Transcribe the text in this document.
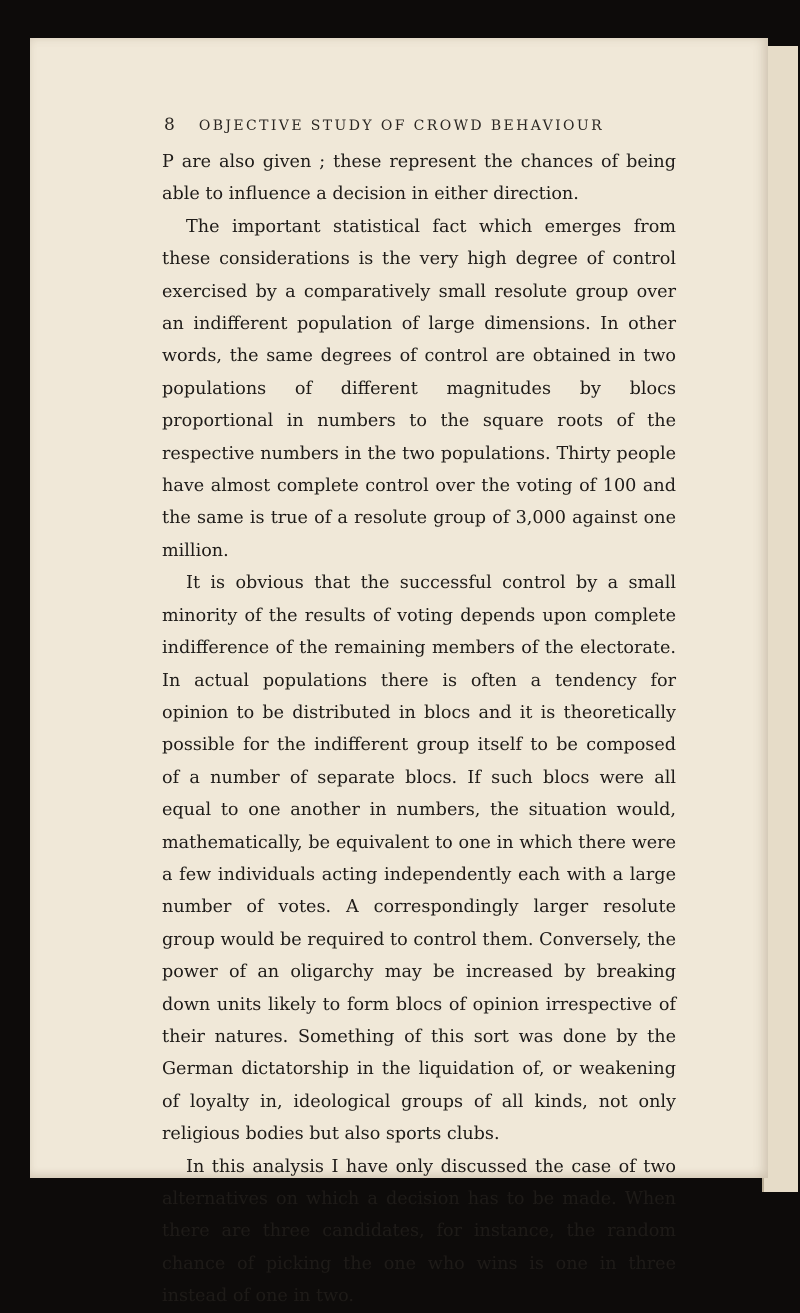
8 OBJECTIVE STUDY OF CROWD BEHAVIOUR

P are also given ; these represent the chances of being able to influence a decision in either direction.

The important statistical fact which emerges from these considerations is the very high degree of control exercised by a comparatively small resolute group over an indifferent population of large dimensions. In other words, the same degrees of control are obtained in two populations of different magnitudes by blocs proportional in numbers to the square roots of the respective numbers in the two populations. Thirty people have almost complete control over the voting of 100 and the same is true of a resolute group of 3,000 against one million.

It is obvious that the successful control by a small minority of the results of voting depends upon complete indifference of the remaining members of the electorate. In actual populations there is often a tendency for opinion to be distributed in blocs and it is theoretically possible for the indifferent group itself to be composed of a number of separate blocs. If such blocs were all equal to one another in numbers, the situation would, mathematically, be equivalent to one in which there were a few individuals acting independently each with a large number of votes. A correspondingly larger resolute group would be required to control them. Conversely, the power of an oligarchy may be increased by breaking down units likely to form blocs of opinion irrespective of their natures. Something of this sort was done by the German dictatorship in the liquidation of, or weakening of loyalty in, ideological groups of all kinds, not only religious bodies but also sports clubs.

In this analysis I have only discussed the case of two alternatives on which a decision has to be made. When there are three candidates, for instance, the random chance of picking the one who wins is one in three instead of one in two.
